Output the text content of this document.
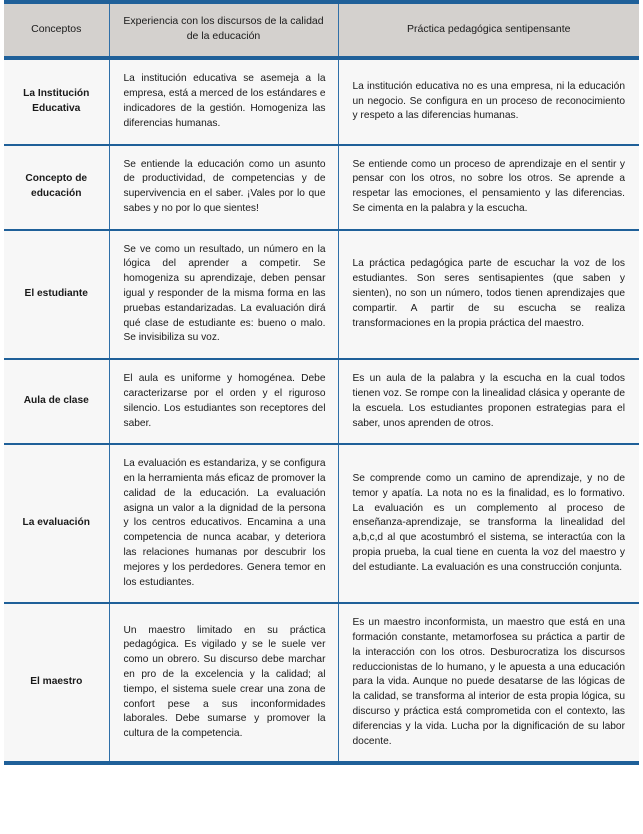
Conceptos	Experiencia con los discursos de la calidad de la educación	Práctica pedagógica sentipensante
La Institución Educativa	La institución educativa se asemeja a la empresa, está a merced de los estándares e indicadores de la gestión. Homogeniza las diferencias humanas.	La institución educativa no es una empresa, ni la educación un negocio. Se configura en un proceso de reconocimiento y respeto a las diferencias humanas.
Concepto de educación	Se entiende la educación como un asunto de productividad, de competencias y de supervivencia en el saber. ¡Vales por lo que sabes y no por lo que sientes!	Se entiende como un proceso de aprendizaje en el sentir y pensar con los otros, no sobre los otros. Se aprende a respetar las emociones, el pensamiento y las diferencias. Se cimenta en la palabra y la escucha.
El estudiante	Se ve como un resultado, un número en la lógica del aprender a competir. Se homogeniza su aprendizaje, deben pensar igual y responder de la misma forma en las pruebas estandarizadas. La evaluación dirá qué clase de estudiante es: bueno o malo. Se invisibiliza su voz.	La práctica pedagógica parte de escuchar la voz de los estudiantes. Son seres sentisapientes (que saben y sienten), no son un número, todos tienen aprendizajes que compartir. A partir de su escucha se realiza transformaciones en la propia práctica del maestro.
Aula de clase	El aula es uniforme y homogénea. Debe caracterizarse por el orden y el riguroso silencio. Los estudiantes son receptores del saber.	Es un aula de la palabra y la escucha en la cual todos tienen voz. Se rompe con la linealidad clásica y operante de la escuela. Los estudiantes proponen estrategias para el saber, unos aprenden de otros.
La evaluación	La evaluación es estandariza, y se configura en la herramienta más eficaz de promover la calidad de la educación. La evaluación asigna un valor a la dignidad de la persona y los centros educativos. Encamina a una competencia de nunca acabar, y deteriora las relaciones humanas por descubrir los mejores y los perdedores. Genera temor en los estudiantes.	Se comprende como un camino de aprendizaje, y no de temor y apatía. La nota no es la finalidad, es lo formativo. La evaluación es un complemento al proceso de enseñanza-aprendizaje, se transforma la linealidad del a,b,c,d al que acostumbró el sistema, se interactúa con la propia prueba, la cual tiene en cuenta la voz del maestro y del estudiante. La evaluación es una construcción conjunta.
El maestro	Un maestro limitado en su práctica pedagógica. Es vigilado y se le suele ver como un obrero. Su discurso debe marchar en pro de la excelencia y la calidad; al tiempo, el sistema suele crear una zona de confort pese a sus inconformidades laborales. Debe sumarse y promover la cultura de la competencia.	Es un maestro inconformista, un maestro que está en una formación constante, metamorfosea su práctica a partir de la interacción con los otros. Desburocratiza los discursos reduccionistas de lo humano, y le apuesta a una educación para la vida. Aunque no puede desatarse de las lógicas de la calidad, se transforma al interior de esta propia lógica, su discurso y práctica está comprometida con el contexto, las diferencias y la vida. Lucha por la dignificación de su labor docente.
